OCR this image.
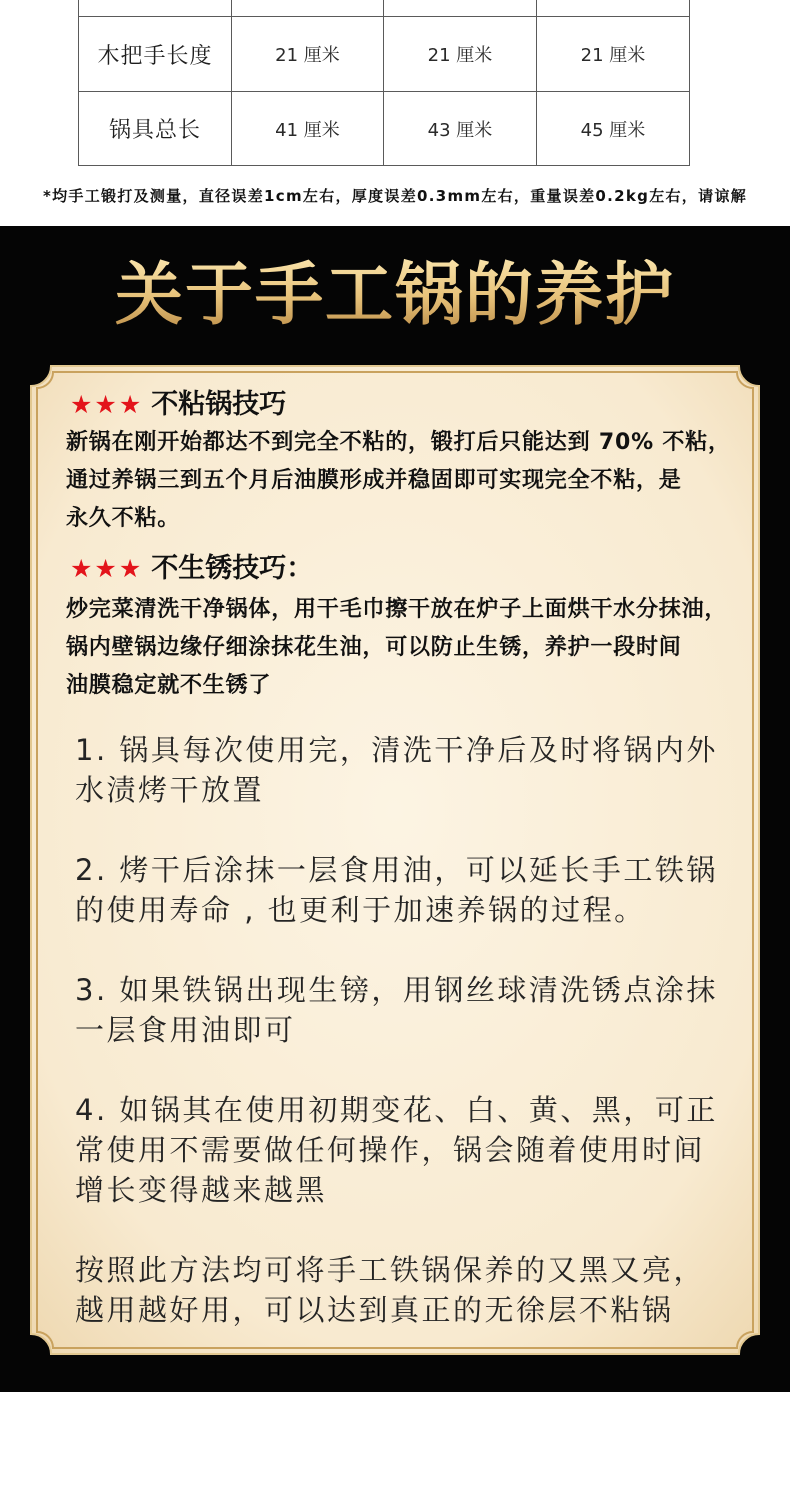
木把手长度	21 厘米	21 厘米	21 厘米
锅具总长	41 厘米	43 厘米	45 厘米
*均手工锻打及测量，直径误差1cm左右，厚度误差0.3mm左右，重量误差0.2kg左右，请谅解
关于手工锅的养护
★★★ 不粘锅技巧
新锅在刚开始都达不到完全不粘的，锻打后只能达到 70% 不粘，
通过养锅三到五个月后油膜形成并稳固即可实现完全不粘，是
永久不粘。
★★★ 不生锈技巧：
炒完菜清洗干净锅体，用干毛巾擦干放在炉子上面烘干水分抹油，
锅内壁锅边缘仔细涂抹花生油，可以防止生锈，养护一段时间
油膜稳定就不生锈了
1. 锅具每次使用完，清洗干净后及时将锅内外
水渍烤干放置
2. 烤干后涂抹一层食用油，可以延长手工铁锅
的使用寿命 , 也更利于加速养锅的过程。
3. 如果铁锅出现生镑，用钢丝球清洗锈点涂抹
一层食用油即可
4. 如锅其在使用初期变花、白、黄、黑，可正
常使用不需要做任何操作，锅会随着使用时间
增长变得越来越黑
按照此方法均可将手工铁锅保养的又黑又亮，
越用越好用，可以达到真正的无徐层不粘锅
